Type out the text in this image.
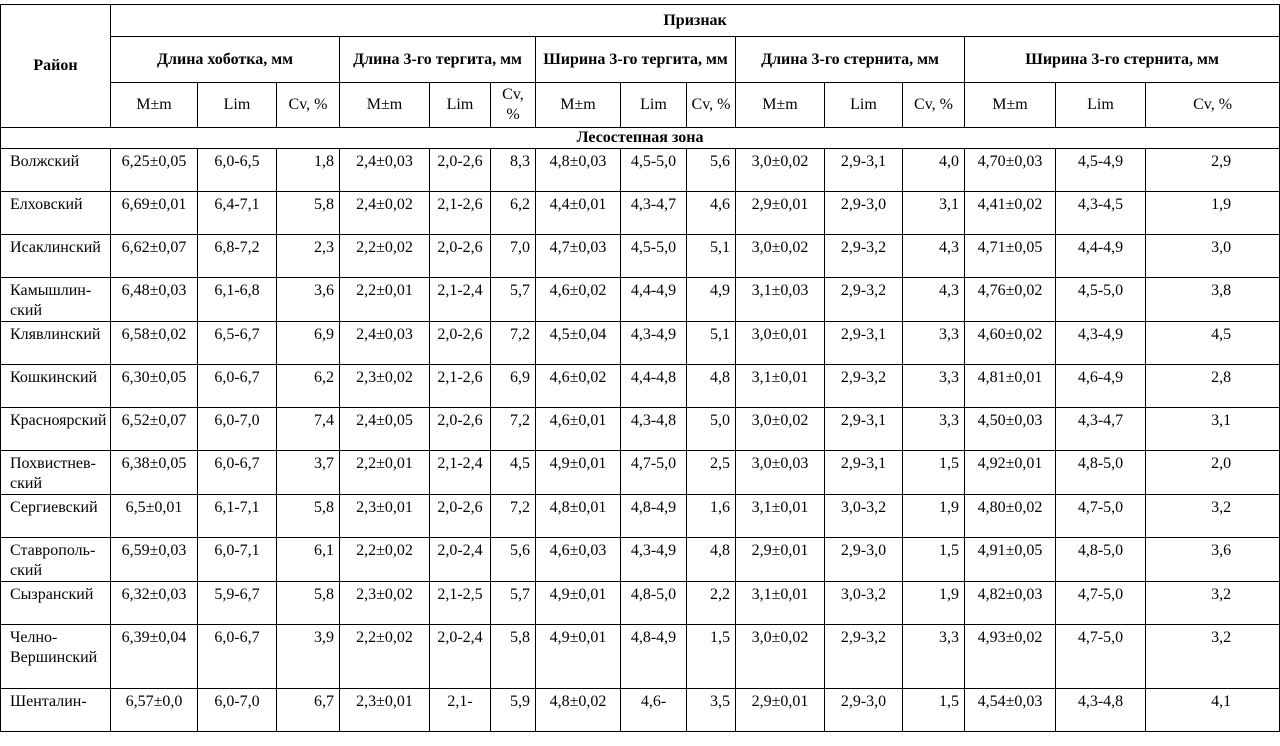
Район	Признак														
	Длина хоботка, мм			Длина 3-го тергита, мм			Ширина 3-го тергита, мм			Длина 3-го стернита, мм			Ширина 3-го стернита, мм		
	M±m	Lim	Cv, %	M±m	Lim	Cv, %	M±m	Lim	Cv, %	M±m	Lim	Cv, %	M±m	Lim	Cv, %
Лесостепная зона															
Волжский	6,25±0,05	6,0-6,5	1,8	2,4±0,03	2,0-2,6	8,3	4,8±0,03	4,5-5,0	5,6	3,0±0,02	2,9-3,1	4,0	4,70±0,03	4,5-4,9	2,9
Елховский	6,69±0,01	6,4-7,1	5,8	2,4±0,02	2,1-2,6	6,2	4,4±0,01	4,3-4,7	4,6	2,9±0,01	2,9-3,0	3,1	4,41±0,02	4,3-4,5	1,9
Исаклинский	6,62±0,07	6,8-7,2	2,3	2,2±0,02	2,0-2,6	7,0	4,7±0,03	4,5-5,0	5,1	3,0±0,02	2,9-3,2	4,3	4,71±0,05	4,4-4,9	3,0
Камышлин-ский	6,48±0,03	6,1-6,8	3,6	2,2±0,01	2,1-2,4	5,7	4,6±0,02	4,4-4,9	4,9	3,1±0,03	2,9-3,2	4,3	4,76±0,02	4,5-5,0	3,8
Клявлинский	6,58±0,02	6,5-6,7	6,9	2,4±0,03	2,0-2,6	7,2	4,5±0,04	4,3-4,9	5,1	3,0±0,01	2,9-3,1	3,3	4,60±0,02	4,3-4,9	4,5
Кошкинский	6,30±0,05	6,0-6,7	6,2	2,3±0,02	2,1-2,6	6,9	4,6±0,02	4,4-4,8	4,8	3,1±0,01	2,9-3,2	3,3	4,81±0,01	4,6-4,9	2,8
Красноярский	6,52±0,07	6,0-7,0	7,4	2,4±0,05	2,0-2,6	7,2	4,6±0,01	4,3-4,8	5,0	3,0±0,02	2,9-3,1	3,3	4,50±0,03	4,3-4,7	3,1
Похвистнев-ский	6,38±0,05	6,0-6,7	3,7	2,2±0,01	2,1-2,4	4,5	4,9±0,01	4,7-5,0	2,5	3,0±0,03	2,9-3,1	1,5	4,92±0,01	4,8-5,0	2,0
Сергиевский	6,5±0,01	6,1-7,1	5,8	2,3±0,01	2,0-2,6	7,2	4,8±0,01	4,8-4,9	1,6	3,1±0,01	3,0-3,2	1,9	4,80±0,02	4,7-5,0	3,2
Ставрополь-ский	6,59±0,03	6,0-7,1	6,1	2,2±0,02	2,0-2,4	5,6	4,6±0,03	4,3-4,9	4,8	2,9±0,01	2,9-3,0	1,5	4,91±0,05	4,8-5,0	3,6
Сызранский	6,32±0,03	5,9-6,7	5,8	2,3±0,02	2,1-2,5	5,7	4,9±0,01	4,8-5,0	2,2	3,1±0,01	3,0-3,2	1,9	4,82±0,03	4,7-5,0	3,2
Челно-Вершинский	6,39±0,04	6,0-6,7	3,9	2,2±0,02	2,0-2,4	5,8	4,9±0,01	4,8-4,9	1,5	3,0±0,02	2,9-3,2	3,3	4,93±0,02	4,7-5,0	3,2
Шенталин-	6,57±0,0	6,0-7,0	6,7	2,3±0,01	2,1-	5,9	4,8±0,02	4,6-	3,5	2,9±0,01	2,9-3,0	1,5	4,54±0,03	4,3-4,8	4,1
